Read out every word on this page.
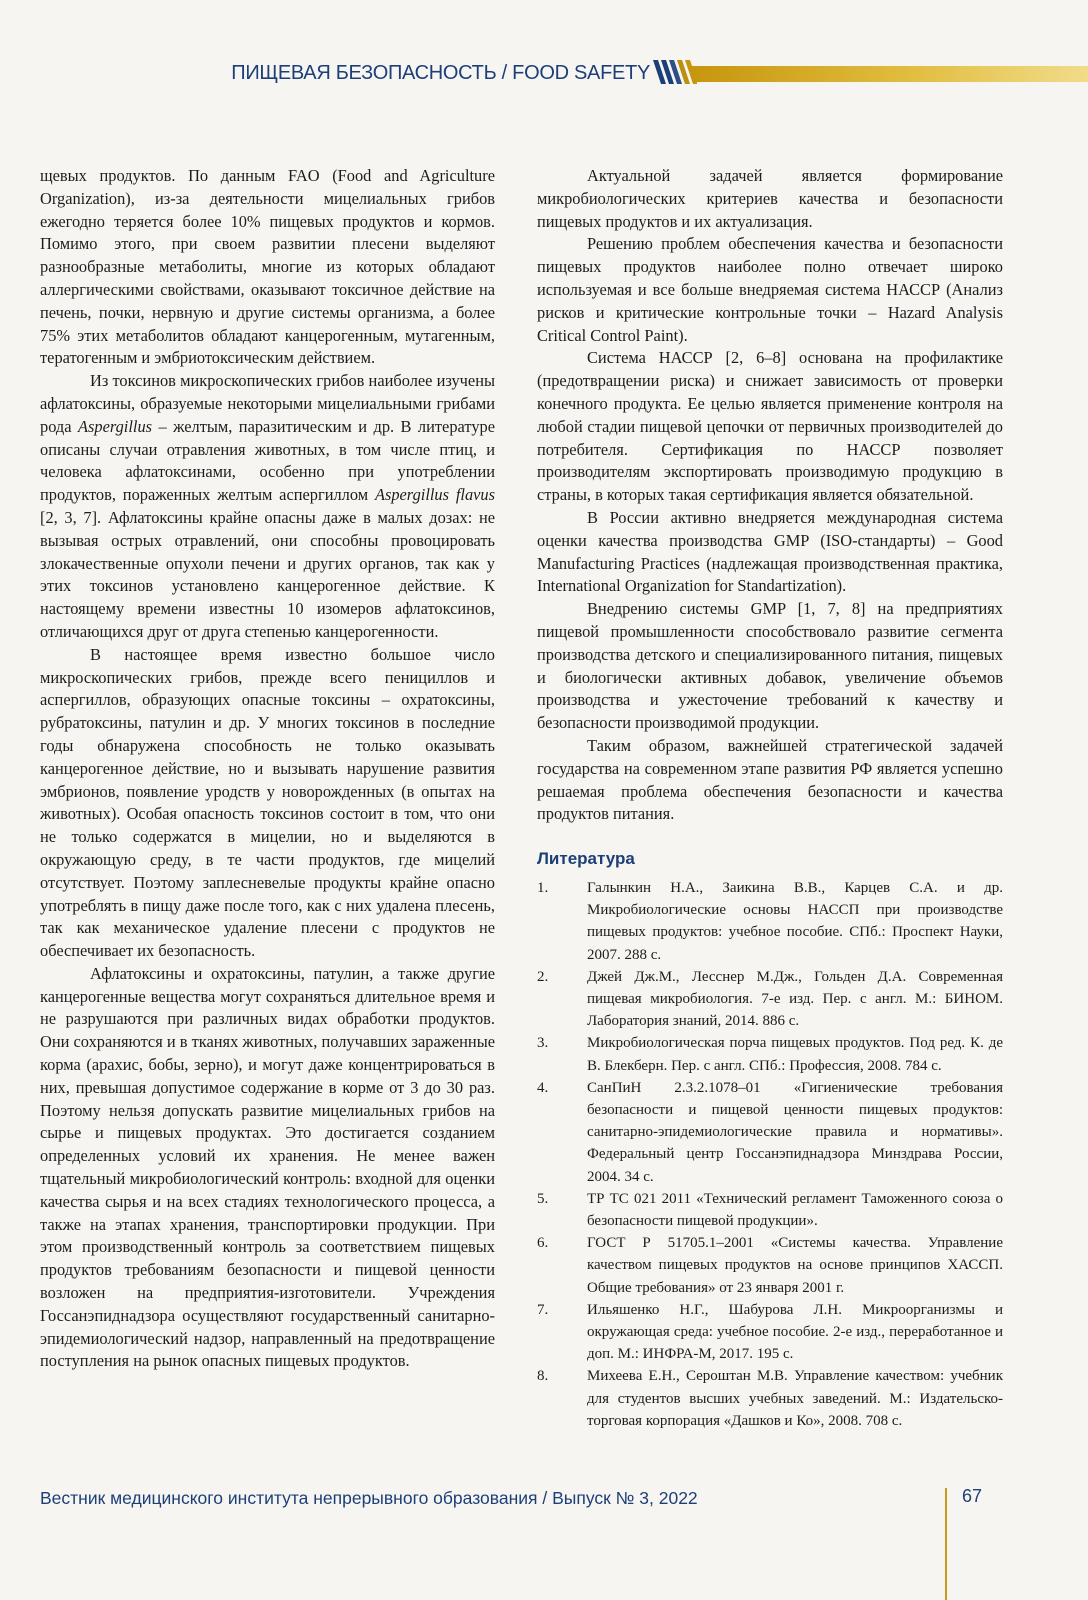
ПИЩЕВАЯ БЕЗОПАСНОСТЬ / FOOD SAFETY

щевых продуктов. По данным FAO (Food and Agriculture Organization), из-за деятельности мицелиальных грибов ежегодно теряется более 10% пищевых продуктов и кормов. Помимо этого, при своем развитии плесени выделяют разнообразные метаболиты, многие из которых обладают аллергическими свойствами, оказывают токсичное действие на печень, почки, нервную и другие системы организма, а более 75% этих метаболитов обладают канцерогенным, мутагенным, тератогенным и эмбриотоксическим действием.

Из токсинов микроскопических грибов наиболее изучены афлатоксины, образуемые некоторыми мицелиальными грибами рода Aspergillus – желтым, паразитическим и др. В литературе описаны случаи отравления животных, в том числе птиц, и человека афлатоксинами, особенно при употреблении продуктов, пораженных желтым аспергиллом Aspergillus flavus [2, 3, 7]. Афлатоксины крайне опасны даже в малых дозах: не вызывая острых отравлений, они способны провоцировать злокачественные опухоли печени и других органов, так как у этих токсинов установлено канцерогенное действие. К настоящему времени известны 10 изомеров афлатоксинов, отличающихся друг от друга степенью канцерогенности.

В настоящее время известно большое число микроскопических грибов, прежде всего пенициллов и аспергиллов, образующих опасные токсины – охратоксины, рубратоксины, патулин и др. У многих токсинов в последние годы обнаружена способность не только оказывать канцерогенное действие, но и вызывать нарушение развития эмбрионов, появление уродств у новорожденных (в опытах на животных). Особая опасность токсинов состоит в том, что они не только содержатся в мицелии, но и выделяются в окружающую среду, в те части продуктов, где мицелий отсутствует. Поэтому заплесневелые продукты крайне опасно употреблять в пищу даже после того, как с них удалена плесень, так как механическое удаление плесени с продуктов не обеспечивает их безопасность.

Афлатоксины и охратоксины, патулин, а также другие канцерогенные вещества могут сохраняться длительное время и не разрушаются при различных видах обработки продуктов. Они сохраняются и в тканях животных, получавших зараженные корма (арахис, бобы, зерно), и могут даже концентрироваться в них, превышая допустимое содержание в корме от 3 до 30 раз. Поэтому нельзя допускать развитие мицелиальных грибов на сырье и пищевых продуктах. Это достигается созданием определенных условий их хранения. Не менее важен тщательный микробиологический контроль: входной для оценки качества сырья и на всех стадиях технологического процесса, а также на этапах хранения, транспортировки продукции. При этом производственный контроль за соответствием пищевых продуктов требованиям безопасности и пищевой ценности возложен на предприятия-изготовители. Учреждения Госсанэпиднадзора осуществляют государственный санитарно-эпидемиологический надзор, направленный на предотвращение поступления на рынок опасных пищевых продуктов.

Актуальной задачей является формирование микробиологических критериев качества и безопасности пищевых продуктов и их актуализация.

Решению проблем обеспечения качества и безопасности пищевых продуктов наиболее полно отвечает широко используемая и все больше внедряемая система НАССР (Анализ рисков и критические контрольные точки – Hazard Analysis Critical Control Paint).

Система НАССР [2, 6–8] основана на профилактике (предотвращении риска) и снижает зависимость от проверки конечного продукта. Ее целью является применение контроля на любой стадии пищевой цепочки от первичных производителей до потребителя. Сертификация по НАССР позволяет производителям экспортировать производимую продукцию в страны, в которых такая сертификация является обязательной.

В России активно внедряется международная система оценки качества производства GMP (ISO-стандарты) – Good Manufacturing Practices (надлежащая производственная практика, International Organization for Standartization).

Внедрению системы GMP [1, 7, 8] на предприятиях пищевой промышленности способствовало развитие сегмента производства детского и специализированного питания, пищевых и биологически активных добавок, увеличение объемов производства и ужесточение требований к качеству и безопасности производимой продукции.

Таким образом, важнейшей стратегической задачей государства на современном этапе развития РФ является успешно решаемая проблема обеспечения безопасности и качества продуктов питания.

Литература
1.	Галынкин Н.А., Заикина В.В., Карцев С.А. и др. Микробиологические основы НАССП при производстве пищевых продуктов: учебное пособие. СПб.: Проспект Науки, 2007. 288 с.
2.	Джей Дж.М., Лесснер М.Дж., Гольден Д.А. Современная пищевая микробиология. 7-е изд. Пер. с англ. М.: БИНОМ. Лаборатория знаний, 2014. 886 с.
3.	Микробиологическая порча пищевых продуктов. Под ред. К. де В. Блекберн. Пер. с англ. СПб.: Профессия, 2008. 784 с.
4.	СанПиН 2.3.2.1078–01 «Гигиенические требования безопасности и пищевой ценности пищевых продуктов: санитарно-эпидемиологические правила и нормативы». Федеральный центр Госсанэпиднадзора Минздрава России, 2004. 34 с.
5.	ТР ТС 021 2011 «Технический регламент Таможенного союза о безопасности пищевой продукции».
6.	ГОСТ Р 51705.1–2001 «Системы качества. Управление качеством пищевых продуктов на основе принципов ХАССП. Общие требования» от 23 января 2001 г.
7.	Ильяшенко Н.Г., Шабурова Л.Н. Микроорганизмы и окружающая среда: учебное пособие. 2-е изд., переработанное и доп. М.: ИНФРА-М, 2017. 195 с.
8.	Михеева Е.Н., Сероштан М.В. Управление качеством: учебник для студентов высших учебных заведений. М.: Издательско-торговая корпорация «Дашков и Ко», 2008. 708 с.
Вестник медицинского института непрерывного образования / Выпуск № 3, 2022	67
